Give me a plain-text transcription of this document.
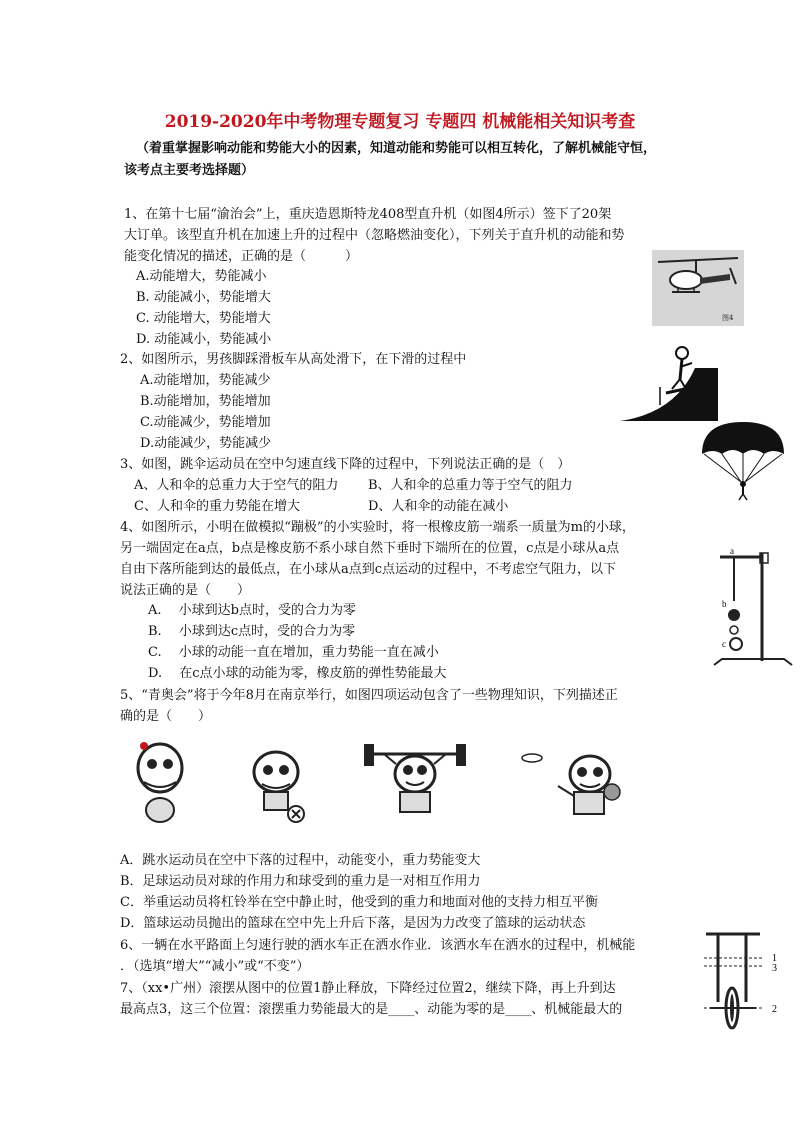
2019-2020年中考物理专题复习 专题四 机械能相关知识考查
（着重掌握影响动能和势能大小的因素，知道动能和势能可以相互转化，了解机械能守恒，
该考点主要考选择题）
1、在第十七届“渝治会”上，重庆造恩斯特龙408型直升机（如图4所示）签下了20架
大订单。该型直升机在加速上升的过程中（忽略燃油变化），下列关于直升机的动能和势
能变化情况的描述，正确的是（　　　）
A.动能增大，势能减小
B. 动能减小，势能增大
C. 动能增大，势能增大
D. 动能减小，势能减小
图4
2、如图所示，男孩脚踩滑板车从高处滑下，在下滑的过程中
A.动能增加，势能减少
B.动能增加，势能增加
C.动能减少，势能增加
D.动能减少，势能减少
3、如图，跳伞运动员在空中匀速直线下降的过程中，下列说法正确的是（　）
A、人和伞的总重力大于空气的阻力 B、人和伞的总重力等于空气的阻力
C、人和伞的重力势能在增大	D、人和伞的动能在减小
4、如图所示，小明在做模拟“蹦极”的小实验时，将一根橡皮筋一端系一质量为m的小球，
另一端固定在a点，b点是橡皮筋不系小球自然下垂时下端所在的位置，c点是小球从a点
自由下落所能到达的最低点，在小球从a点到c点运动的过程中，不考虑空气阻力，以下
说法正确的是（　　）
A.　 小球到达b点时，受的合力为零
B.　 小球到达c点时，受的合力为零
C.　 小球的动能一直在增加，重力势能一直在减小
D.　 在c点小球的动能为零，橡皮筋的弹性势能最大
a
b
c
5、“青奥会”将于今年8月在南京举行，如图四项运动包含了一些物理知识，下列描述正
确的是（　　）
A．跳水运动员在空中下落的过程中，动能变小，重力势能变大
B．足球运动员对球的作用力和球受到的重力是一对相互作用力
C．举重运动员将杠铃举在空中静止时，他受到的重力和地面对他的支持力相互平衡
D．篮球运动员抛出的篮球在空中先上升后下落，是因为力改变了篮球的运动状态
6、一辆在水平路面上匀速行驶的洒水车正在洒水作业．该洒水车在洒水的过程中，机械能
．（选填“增大”“减小”或“不变”）
7、（xx•广州）滚摆从图中的位置1静止释放，下降经过位置2，继续下降，再上升到达
最高点3，这三个位置：滚摆重力势能最大的是____、动能为零的是____、机械能最大的
1
3
2
